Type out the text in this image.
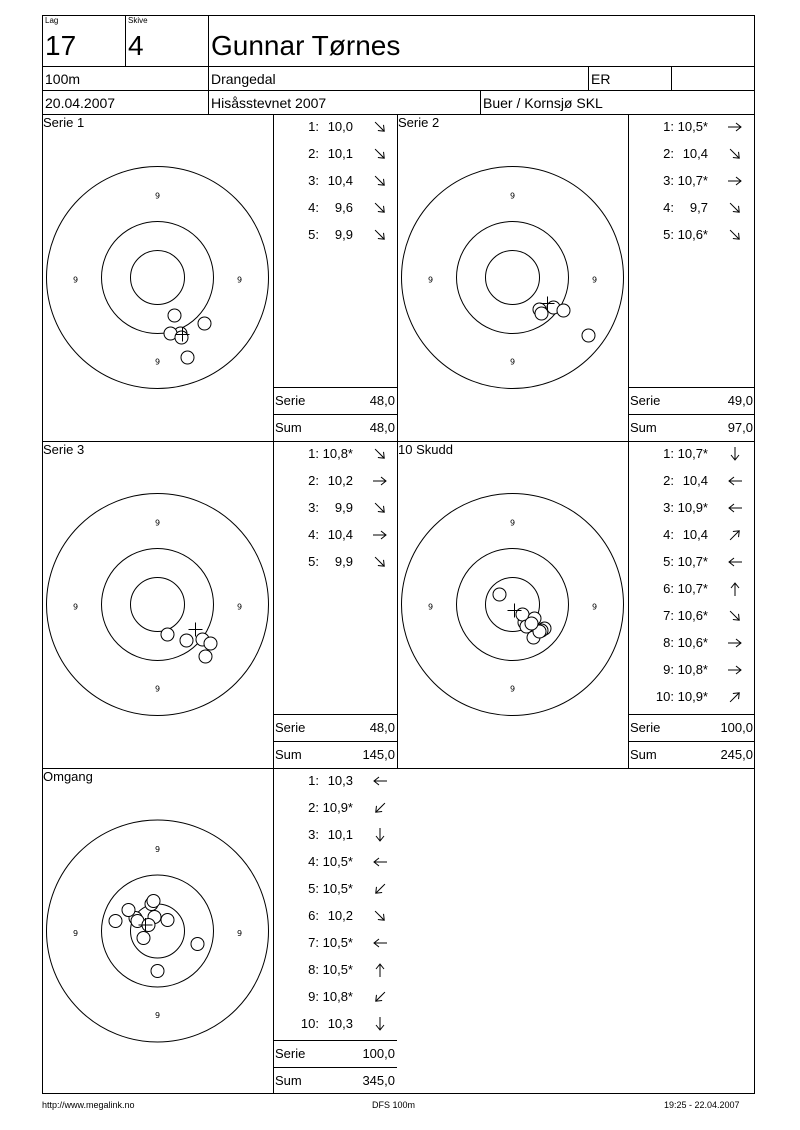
Lag
17
Skive
4 Gunnar Tørnes
100m	Drangedal	ER
20.04.2007	Hisåsstevnet 2007	Buer / Kornsjø SKL
Serie 1
9
9
9	9
1: 10,0
2: 10,1
3: 10,4
4:	9,6
5:	9,9
Serie	48,0
Sum	48,0
Serie 2
9
9
9	9
1: 10,5*
2: 10,4
3: 10,7*
4:	9,7
5: 10,6*
Serie	49,0
Sum	97,0
Serie 3
9
9
9	9
1: 10,8*
2: 10,2
3:	9,9
4: 10,4
5:	9,9
Serie	48,0
Sum	145,0
10 Skudd
9
9
9	9
1: 10,7*
2: 10,4
3: 10,9*
4: 10,4
5: 10,7*
6: 10,7*
7: 10,6*
8: 10,6*
9: 10,8*
10: 10,9*
Serie	100,0
Sum	245,0
Omgang
9
9
9	9
1: 10,3
2: 10,9*
3: 10,1
4: 10,5*
5: 10,5*
6: 10,2
7: 10,5*
8: 10,5*
9: 10,8*
10: 10,3
Serie	100,0
Sum	345,0
http://www.megalink.no	DFS 100m	19:25 - 22.04.2007
